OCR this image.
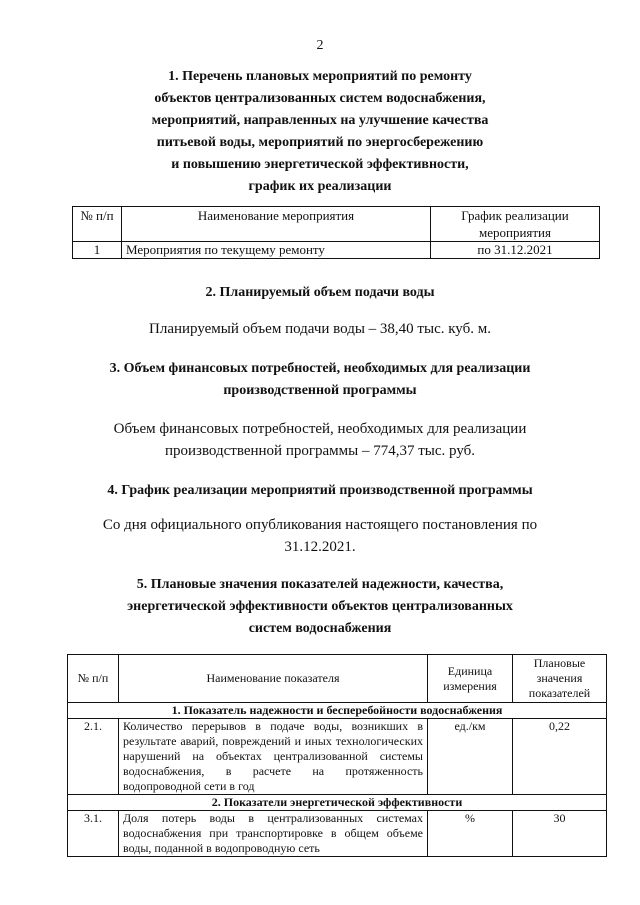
2
1. Перечень плановых мероприятий по ремонту
объектов централизованных систем водоснабжения,
мероприятий, направленных на улучшение качества
питьевой воды, мероприятий по энергосбережению
и повышению энергетической эффективности,
график их реализации
№ п/п	Наименование мероприятия	График реализации мероприятия
1	Мероприятия по текущему ремонту	по 31.12.2021
2. Планируемый объем подачи воды
Планируемый объем подачи воды – 38,40 тыс. куб. м.
3. Объем финансовых потребностей, необходимых для реализации
производственной программы
Объем финансовых потребностей, необходимых для реализации
производственной программы – 774,37 тыс. руб.
4. График реализации мероприятий производственной программы
Со дня официального опубликования настоящего постановления по
31.12.2021.
5. Плановые значения показателей надежности, качества,
энергетической эффективности объектов централизованных
систем водоснабжения
№ п/п	Наименование показателя	Единица измерения	Плановые значения показателей
1. Показатель надежности и бесперебойности водоснабжения			
2.1.	Количество перерывов в подаче воды, возникших в результате аварий, повреждений и иных технологических нарушений на объектах централизованной системы водоснабжения, в расчете на протяженность водопроводной сети в год	ед./км	0,22
2. Показатели энергетической эффективности			
3.1.	Доля потерь воды в централизованных системах водоснабжения при транспортировке в общем объеме воды, поданной в водопроводную сеть	%	30
